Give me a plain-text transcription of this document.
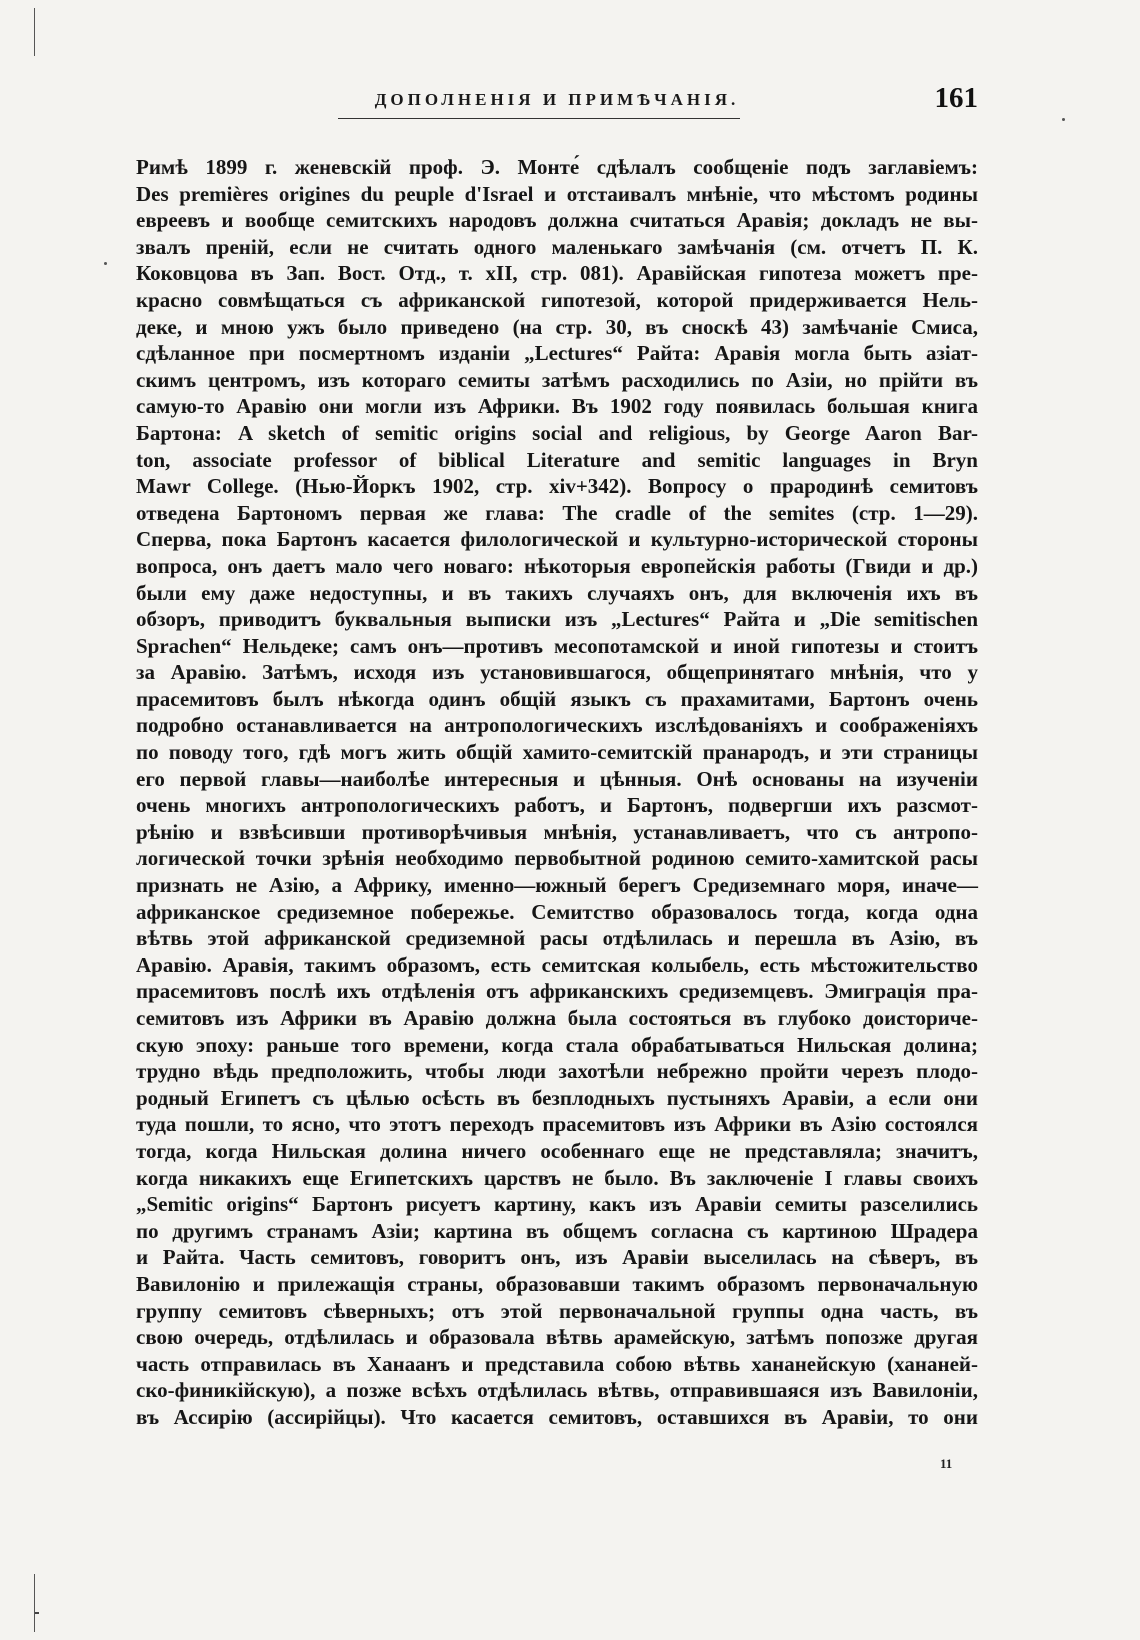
ДОПОЛНЕНІЯ И ПРИМѢЧАНІЯ.	161
Римѣ 1899 г. женевскій проф. Э. Монте́ сдѣлалъ сообщеніе подъ заглавіемъ:
Des premières origines du peuple d'Israel и отстаивалъ мнѣніе, что мѣстомъ родины
евреевъ и вообще семитскихъ народовъ должна считаться Аравія; докладъ не вы-
звалъ преній, если не считать одного маленькаго замѣчанія (см. отчетъ П. К.
Коковцова въ Зап. Вост. Отд., т. xII, стр. 081). Аравійская гипотеза можетъ пре-
красно совмѣщаться съ африканской гипотезой, которой придерживается Нель-
деке, и мною ужъ было приведено (на стр. 30, въ сноскѣ 43) замѣчаніе Смиса,
сдѣланное при посмертномъ изданіи „Lectures“ Райта: Аравія могла быть азіат-
скимъ центромъ, изъ котораго семиты затѣмъ расходились по Азіи, но прійти въ
самую-то Аравію они могли изъ Африки. Въ 1902 году появилась большая книга
Бартона: A sketch of semitic origins social and religious, by George Aaron Bar-
ton, associate professor of biblical Literature and semitic languages in Bryn
Mawr College. (Нью-Йоркъ 1902, стр. xiv+342). Вопросу о прародинѣ семитовъ
отведена Бартономъ первая же глава: The cradle of the semites (стр. 1—29).
Сперва, пока Бартонъ касается филологической и культурно-исторической стороны
вопроса, онъ даетъ мало чего новаго: нѣкоторыя европейскія работы (Гвиди и др.)
были ему даже недоступны, и въ такихъ случаяхъ онъ, для включенія ихъ въ
обзоръ, приводитъ буквальныя выписки изъ „Lectures“ Райта и „Die semitischen
Sprachen“ Нельдеке; самъ онъ—противъ месопотамской и иной гипотезы и стоитъ
за Аравію. Затѣмъ, исходя изъ установившагося, общепринятаго мнѣнія, что у
прасемитовъ былъ нѣкогда одинъ общій языкъ съ прахамитами, Бартонъ очень
подробно останавливается на антропологическихъ изслѣдованіяхъ и соображеніяхъ
по поводу того, гдѣ могъ жить общій хамито-семитскій пранародъ, и эти страницы
его первой главы—наиболѣе интересныя и цѣнныя. Онѣ основаны на изученіи
очень многихъ антропологическихъ работъ, и Бартонъ, подвергши ихъ разсмот-
рѣнію и взвѣсивши противорѣчивыя мнѣнія, устанавливаетъ, что съ антропо-
логической точки зрѣнія необходимо первобытной родиною семито-хамитской расы
признать не Азію, а Африку, именно—южный берегъ Средиземнаго моря, иначе—
африканское средиземное побережье. Семитство образовалось тогда, когда одна
вѣтвь этой африканской средиземной расы отдѣлилась и перешла въ Азію, въ
Аравію. Аравія, такимъ образомъ, есть семитская колыбель, есть мѣстожительство
прасемитовъ послѣ ихъ отдѣленія отъ африканскихъ средиземцевъ. Эмиграція пра-
семитовъ изъ Африки въ Аравію должна была состояться въ глубоко доисториче-
скую эпоху: раньше того времени, когда стала обрабатываться Нильская долина;
трудно вѣдь предположить, чтобы люди захотѣли небрежно пройти черезъ плодо-
родный Египетъ съ цѣлью осѣсть въ безплодныхъ пустыняхъ Аравіи, а если они
туда пошли, то ясно, что этотъ переходъ прасемитовъ изъ Африки въ Азію состоялся
тогда, когда Нильская долина ничего особеннаго еще не представляла; значитъ,
когда никакихъ еще Египетскихъ царствъ не было. Въ заключеніе I главы своихъ
„Semitic origins“ Бартонъ рисуетъ картину, какъ изъ Аравіи семиты разселились
по другимъ странамъ Азіи; картина въ общемъ согласна съ картиною Шрадера
и Райта. Часть семитовъ, говоритъ онъ, изъ Аравіи выселилась на сѣверъ, въ
Вавилонію и прилежащія страны, образовавши такимъ образомъ первоначальную
группу семитовъ сѣверныхъ; отъ этой первоначальной группы одна часть, въ
свою очередь, отдѣлилась и образовала вѣтвь арамейскую, затѣмъ попозже другая
часть отправилась въ Ханаанъ и представила собою вѣтвь хананейскую (хананей-
ско-финикійскую), а позже всѣхъ отдѣлилась вѣтвь, отправившаяся изъ Вавилоніи,
въ Ассирію (ассирійцы). Что касается семитовъ, оставшихся въ Аравіи, то они
11
